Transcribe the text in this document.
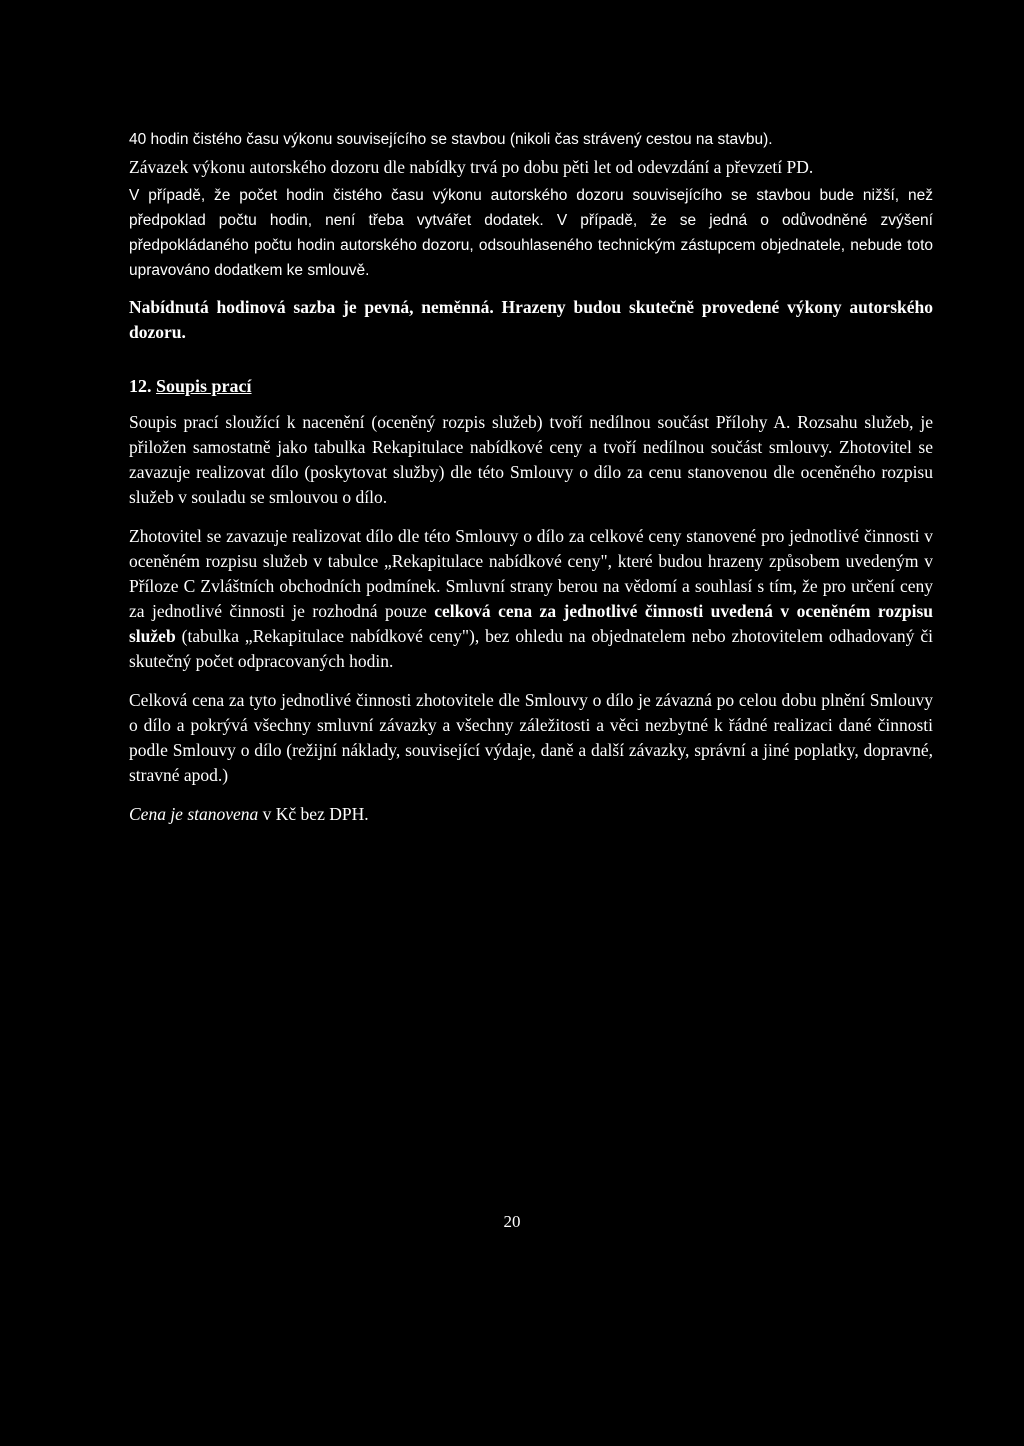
40 hodin čistého času výkonu souvisejícího se stavbou (nikoli čas strávený cestou na stavbu).

Závazek výkonu autorského dozoru dle nabídky trvá po dobu pěti let od odevzdání a převzetí PD.

V případě, že počet hodin čistého času výkonu autorského dozoru souvisejícího se stavbou bude nižší, než předpoklad počtu hodin, není třeba vytvářet dodatek. V případě, že se jedná o odůvodněné zvýšení předpokládaného počtu hodin autorského dozoru, odsouhlaseného technickým zástupcem objednatele, nebude toto upravováno dodatkem ke smlouvě.

Nabídnutá hodinová sazba je pevná, neměnná. Hrazeny budou skutečně provedené výkony autorského dozoru.

12. Soupis prací

Soupis prací sloužící k nacenění (oceněný rozpis služeb) tvoří nedílnou součást Přílohy A. Rozsahu služeb, je přiložen samostatně jako tabulka Rekapitulace nabídkové ceny a tvoří nedílnou součást smlouvy. Zhotovitel se zavazuje realizovat dílo (poskytovat služby) dle této Smlouvy o dílo za cenu stanovenou dle oceněného rozpisu služeb v souladu se smlouvou o dílo.

Zhotovitel se zavazuje realizovat dílo dle této Smlouvy o dílo za celkové ceny stanovené pro jednotlivé činnosti v oceněném rozpisu služeb v tabulce „Rekapitulace nabídkové ceny", které budou hrazeny způsobem uvedeným v Příloze C Zvláštních obchodních podmínek. Smluvní strany berou na vědomí a souhlasí s tím, že pro určení ceny za jednotlivé činnosti je rozhodná pouze celková cena za jednotlivé činnosti uvedená v oceněném rozpisu služeb (tabulka „Rekapitulace nabídkové ceny"), bez ohledu na objednatelem nebo zhotovitelem odhadovaný či skutečný počet odpracovaných hodin.

Celková cena za tyto jednotlivé činnosti zhotovitele dle Smlouvy o dílo je závazná po celou dobu plnění Smlouvy o dílo a pokrývá všechny smluvní závazky a všechny záležitosti a věci nezbytné k řádné realizaci dané činnosti podle Smlouvy o dílo (režijní náklady, související výdaje, daně a další závazky, správní a jiné poplatky, dopravné, stravné apod.)

Cena je stanovena v Kč bez DPH.

20
